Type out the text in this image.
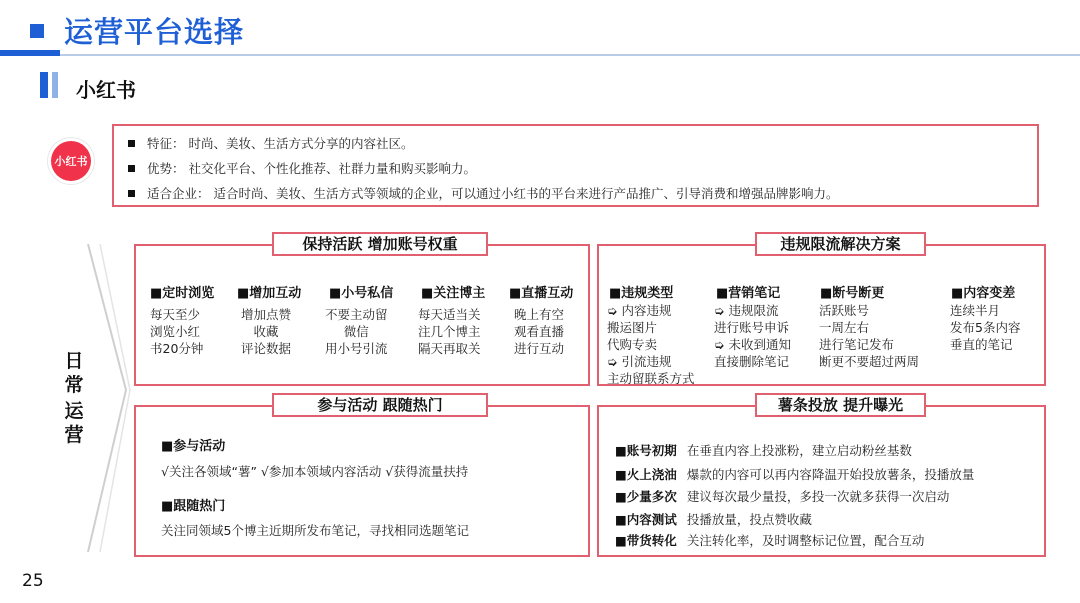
运营平台选择
小红书
小红书
特征： 时尚、美妆、生活方式分享的内容社区。
优势： 社交化平台、个性化推荐、社群力量和购买影响力。
适合企业： 适合时尚、美妆、生活方式等领域的企业，可以通过小红书的平台来进行产品推广、引导消费和增强品牌影响力。
日
常
运
营
保持活跃 增加账号权重
■定时浏览
每天至少
浏览小红
书20分钟
■增加互动
增加点赞
收藏
评论数据
■小号私信
不要主动留
微信
用小号引流
■关注博主
每天适当关
注几个博主
隔天再取关
■直播互动
晚上有空
观看直播
进行互动
违规限流解决方案
■违规类型
➭ 内容违规
搬运图片
代购专卖
➭ 引流违规
主动留联系方式
■营销笔记
➭ 违规限流
进行账号申诉
➭ 未收到通知
直接删除笔记
■断号断更
活跃账号
一周左右
进行笔记发布
断更不要超过两周
■内容变差
连续半月
发布5条内容
垂直的笔记
参与活动 跟随热门
■参与活动
√关注各领域“薯” √参加本领域内容活动 √获得流量扶持
■跟随热门
关注同领域5个博主近期所发布笔记，寻找相同选题笔记
薯条投放 提升曝光
■账号初期 在垂直内容上投涨粉，建立启动粉丝基数
■火上浇油 爆款的内容可以再内容降温开始投放薯条，投播放量
■少量多次 建议每次最少量投，多投一次就多获得一次启动
■内容测试 投播放量，投点赞收藏
■带货转化 关注转化率，及时调整标记位置，配合互动
25
